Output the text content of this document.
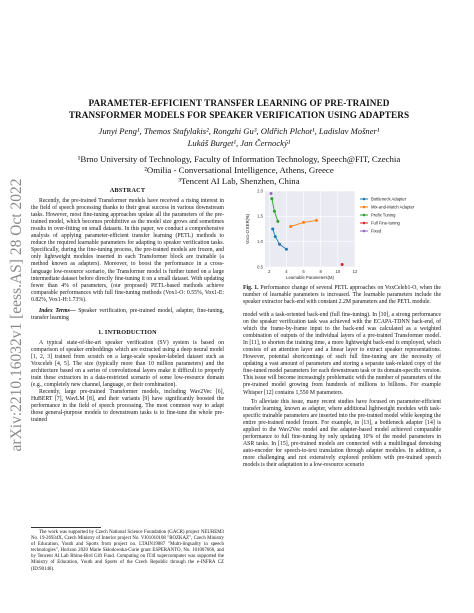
arXiv:2210.16032v1 [eess.AS] 28 Oct 2022
PARAMETER-EFFICIENT TRANSFER LEARNING OF PRE-TRAINED
TRANSFORMER MODELS FOR SPEAKER VERIFICATION USING ADAPTERS
Junyi Peng¹, Themos Stafylakis², Rongzhi Gu³, Oldřich Plchot¹, Ladislav Mošner¹
Lukáš Burget¹, Jan Černocký¹
¹Brno University of Technology, Faculty of Information Technology, Speech@FIT, Czechia
²Omilia - Conversational Intelligence, Athens, Greece
³Tencent AI Lab, Shenzhen, China

ABSTRACT

Recently, the pre-trained Transformer models have received a rising interest in the field of speech processing thanks to their great success in various downstream tasks. However, most fine-tuning approaches update all the parameters of the pre-trained model, which becomes prohibitive as the model size grows and sometimes results in over-fitting on small datasets. In this paper, we conduct a comprehensive analysis of applying parameter-efficient transfer learning (PETL) methods to reduce the required learnable parameters for adapting to speaker verification tasks. Specifically, during the fine-tuning process, the pre-trained models are frozen, and only lightweight modules inserted in each Transformer block are trainable (a method known as adapters). Moreover, to boost the performance in a cross-language low-resource scenario, the Transformer model is further tuned on a large intermediate dataset before directly fine-tuning it on a small dataset. With updating fewer than 4% of parameters, (our proposed) PETL-based methods achieve comparable performances with full fine-tuning methods (Vox1-O: 0.55%, Vox1-E: 0.82%, Vox1-H:1.73%).

Index Terms— Speaker verification, pre-trained model, adapter, fine-tuning, transfer learning

1. INTRODUCTION

A typical state-of-the-art speaker verification (SV) system is based on comparison of speaker embeddings which are extracted using a deep neural model [1, 2, 3] trained from scratch on a large-scale speaker-labeled dataset such as Voxceleb [4, 5]. The size (typically more than 10 million parameters) and the architecture based on a series of convolutional layers make it difficult to properly train these extractors in a data-restricted scenario of some low-resource domain (e.g., completely new channel, language, or their combination).

Recently, large pre-trained Transformer models, including Wav2Vec [6], HuBERT [7], WavLM [8], and their variants [9] have significantly boosted the performance in the field of speech processing. The most common way to adapt those general-purpose models to downstream tasks is to fine-tune the whole pre-trained

The work was supported by Czech National Science Foundation (GACR) project NEUREM3 No. 19-26934X, Czech Ministry of Interior project No. VJ01010108 "ROZKAZ", Czech Ministry of Education, Youth and Sports from project no. LTAIN19087 "Multi-linguality in speech technologies", Horizon 2020 Marie Skłodowska-Curie grant ESPERANTO, No. 101007666, and by Tencent AI Lab Rhino-Bird Gift Fund. Computing on IT4I supercomputer was supported the Ministry of Education, Youth and Sports of the Czech Republic through the e-INFRA CZ (ID:90140).

2	4	6	8	10	12
0.5
1.0
1.5
2.0
Learnable Parameters(M)
Vox1-O EER(%)
Bottleneck Adapter
Mix-and-Match Adapter
Prefix Tuning
Full Fine-tuning
Fixed
Fig. 1. Performance change of several PETL approaches on VoxCeleb1-O, when the number of learnable parameters is increased. The learnable parameters include the speaker extractor back-end with constant 2.2M parameters and the PETL module.

model with a task-oriented back-end (full fine-tuning). In [10], a strong performance on the speaker verification task was achieved with the ECAPA-TDNN back-end, of which the frame-by-frame input to the back-end was calculated as a weighted combination of outputs of the individual layers of a pre-trained Transformer model. In [11], to shorten the training time, a more lightweight back-end is employed, which consists of an attention layer and a linear layer to extract speaker representations. However, potential shortcomings of such full fine-tuning are the necessity of updating a vast amount of parameters and storing a separate task-related copy of the fine-tuned model parameters for each downstream task or its domain-specific version. This issue will become increasingly problematic with the number of parameters of the pre-trained model growing from hundreds of millions to billions. For example Whisper [12] contains 1,550 M parameters.

To alleviate this issue, many recent studies have focused on parameter-efficient transfer learning, known as adapter, where additional lightweight modules with task-specific trainable parameters are inserted into the pre-trained model while keeping the entire pre-trained model frozen. For example, in [13], a bottleneck adapter [14] is applied to the Wav2Vec model and the adapter-based model achieved comparable performance to full fine-tuning by only updating 10% of the model parameters in ASR tasks. In [15], pre-trained models are connected with a multilingual denoising auto-encoder for speech-to-text translation through adapter modules. In addition, a more challenging and not extensively explored problem with pre-trained speech models is their adaptation to a low-resource scenario
